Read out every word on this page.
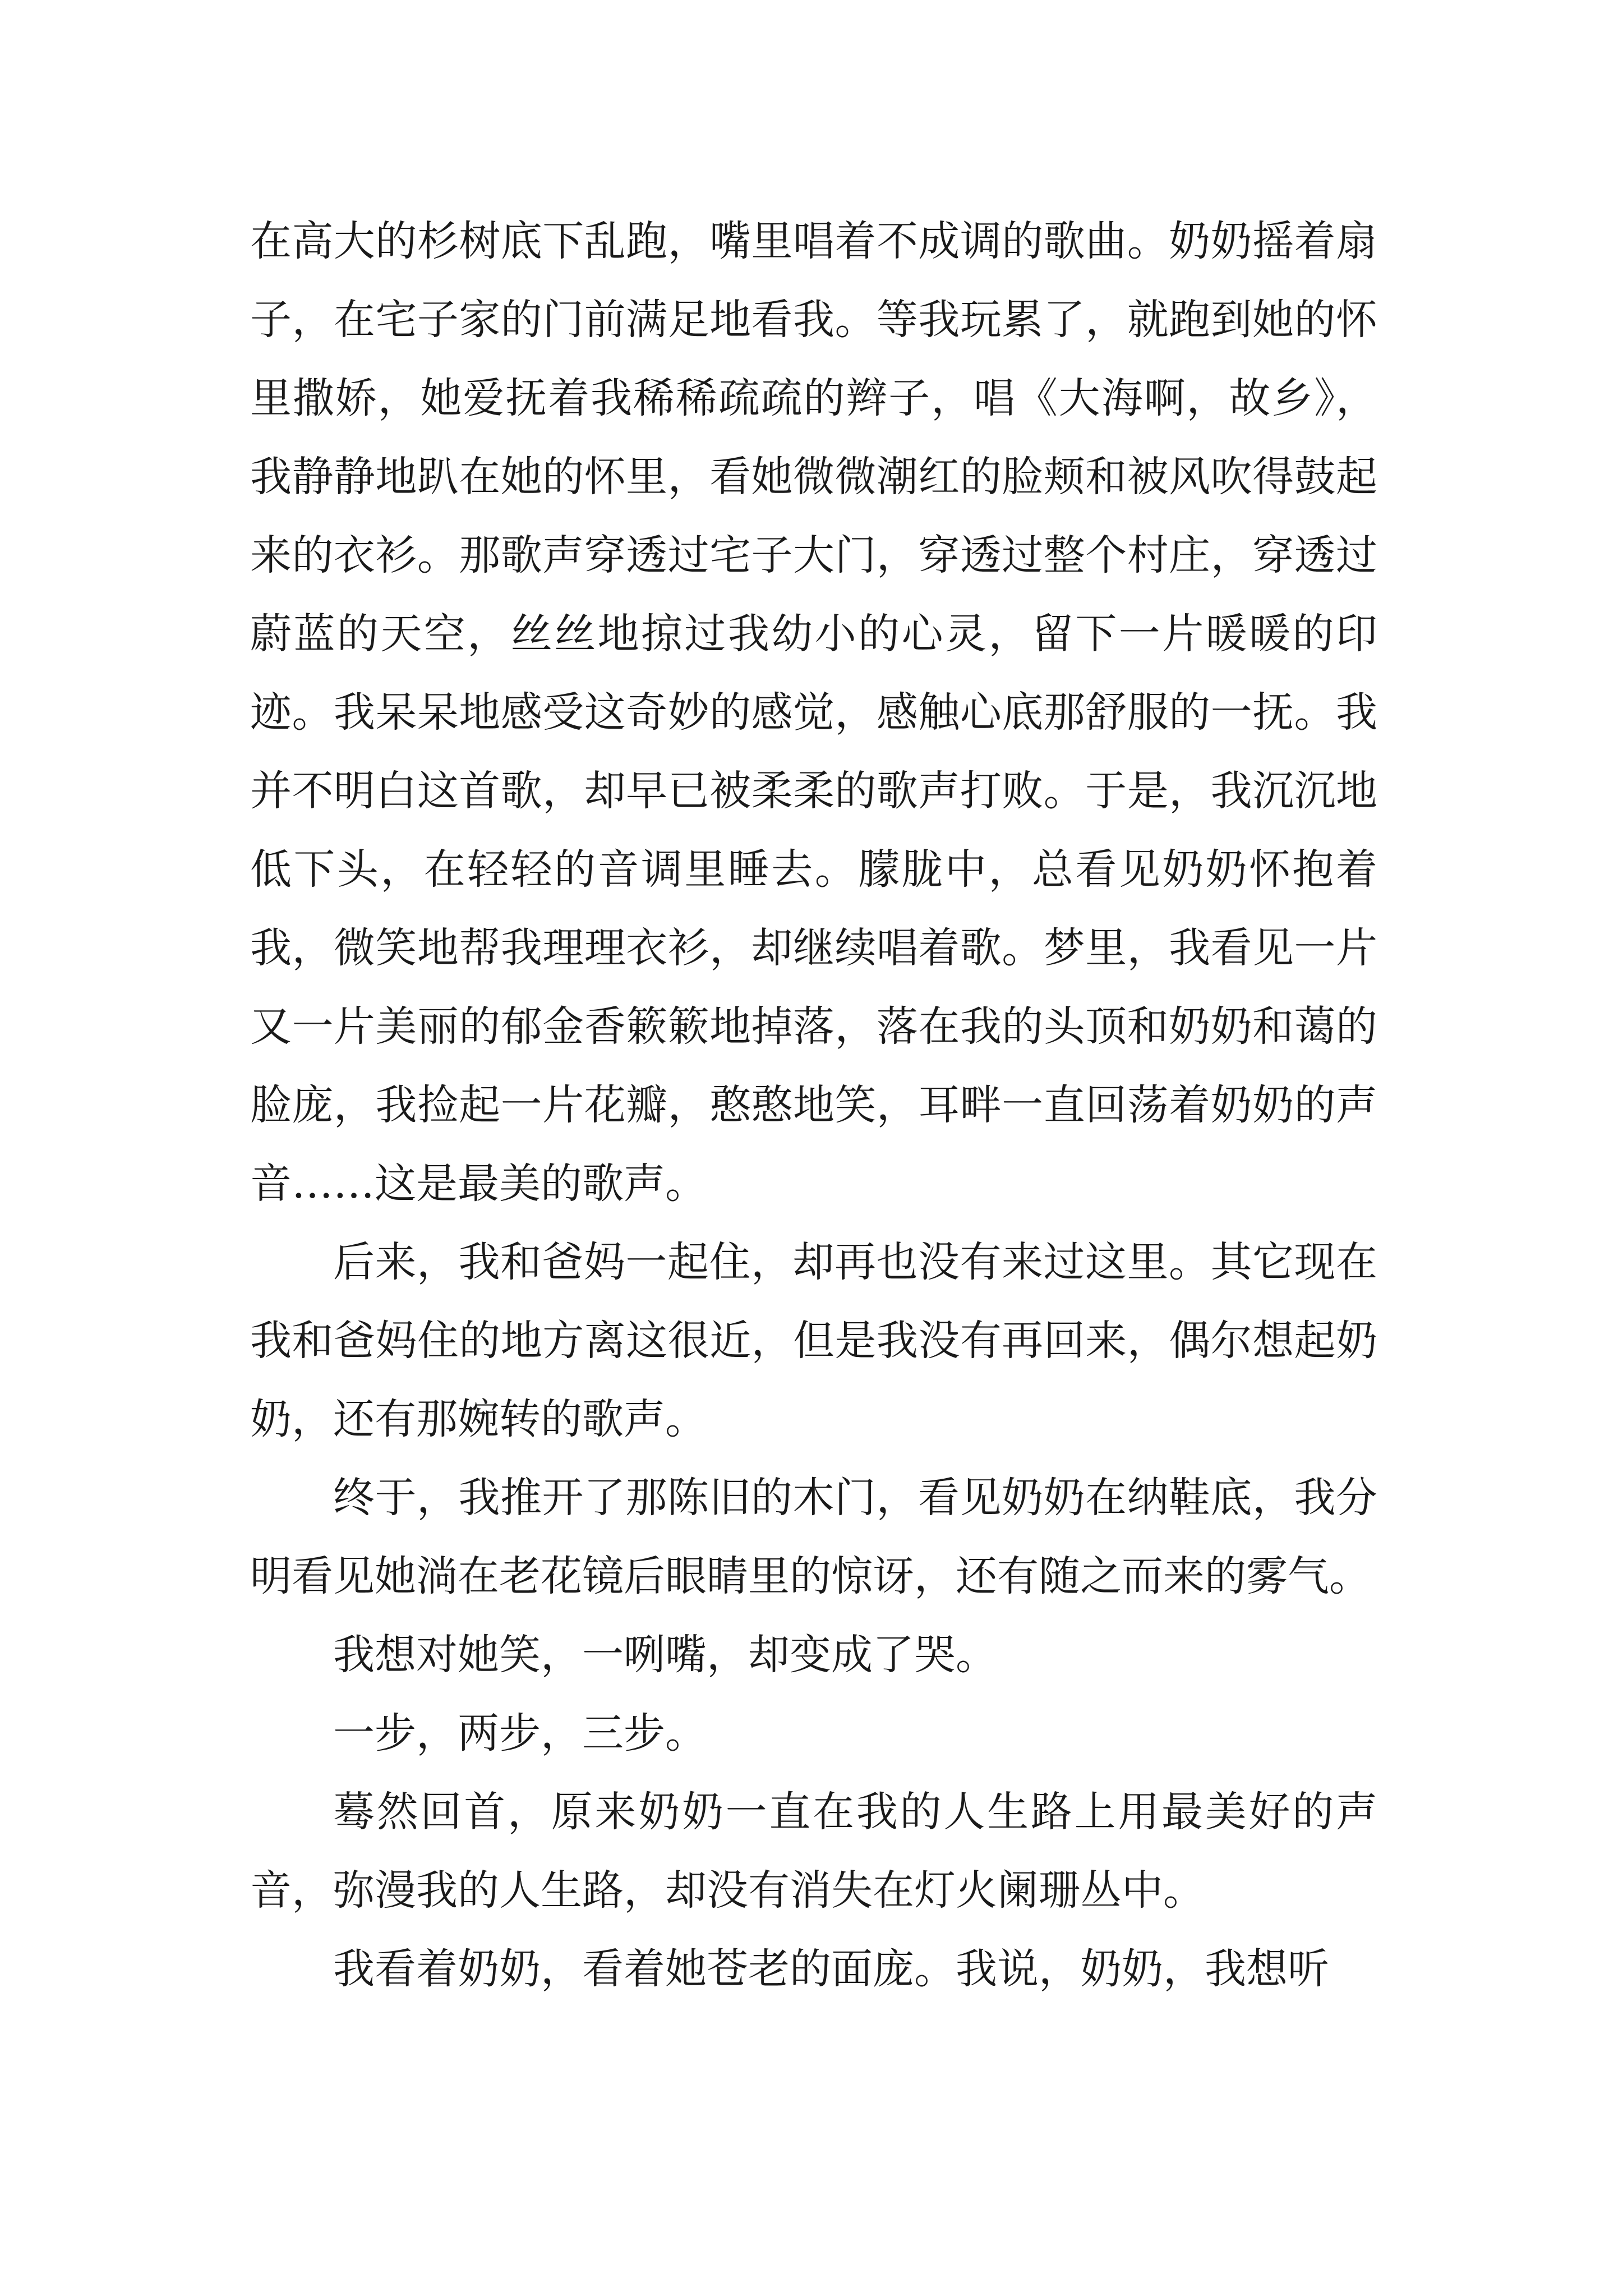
在高大的杉树底下乱跑，嘴里唱着不成调的歌曲。奶奶摇着扇子，在宅子家的门前满足地看我。等我玩累了，就跑到她的怀里撒娇，她爱抚着我稀稀疏疏的辫子，唱《大海啊，故乡》，我静静地趴在她的怀里，看她微微潮红的脸颊和被风吹得鼓起来的衣衫。那歌声穿透过宅子大门，穿透过整个村庄，穿透过蔚蓝的天空，丝丝地掠过我幼小的心灵，留下一片暖暖的印迹。我呆呆地感受这奇妙的感觉，感触心底那舒服的一抚。我并不明白这首歌，却早已被柔柔的歌声打败。于是，我沉沉地低下头，在轻轻的音调里睡去。朦胧中，总看见奶奶怀抱着我，微笑地帮我理理衣衫，却继续唱着歌。梦里，我看见一片又一片美丽的郁金香簌簌地掉落，落在我的头顶和奶奶和蔼的脸庞，我捡起一片花瓣，憨憨地笑，耳畔一直回荡着奶奶的声音……这是最美的歌声。

后来，我和爸妈一起住，却再也没有来过这里。其它现在我和爸妈住的地方离这很近，但是我没有再回来，偶尔想起奶奶，还有那婉转的歌声。

终于，我推开了那陈旧的木门，看见奶奶在纳鞋底，我分明看见她淌在老花镜后眼睛里的惊讶，还有随之而来的雾气。

我想对她笑，一咧嘴，却变成了哭。

一步，两步，三步。

蓦然回首，原来奶奶一直在我的人生路上用最美好的声音，弥漫我的人生路，却没有消失在灯火阑珊丛中。

我看着奶奶，看着她苍老的面庞。我说，奶奶，我想听
